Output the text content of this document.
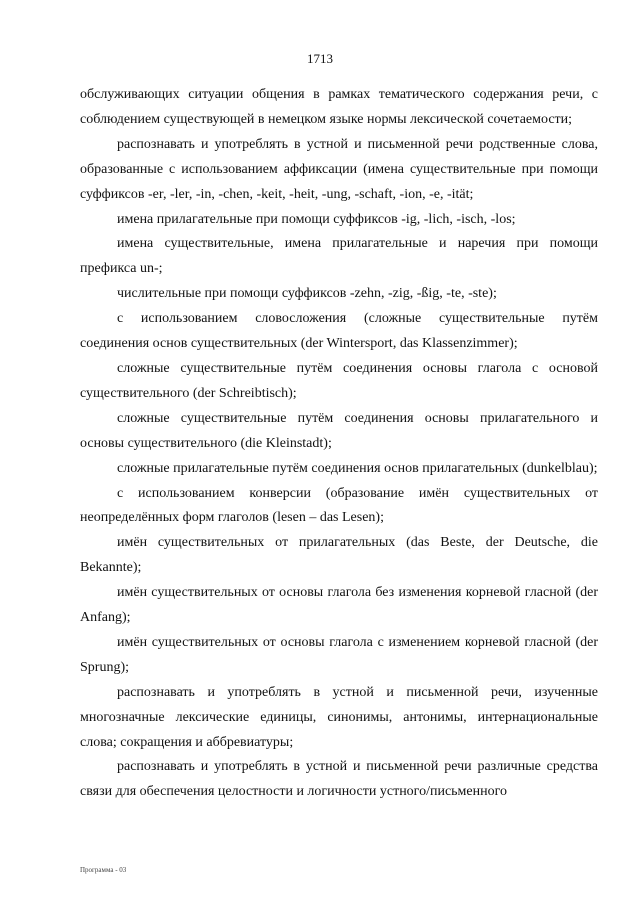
1713

обслуживающих ситуации общения в рамках тематического содержания речи, с соблюдением существующей в немецком языке нормы лексической сочетаемости;

распознавать и употреблять в устной и письменной речи родственные слова, образованные с использованием аффиксации (имена существительные при помощи суффиксов -er, -ler, -in, -chen, -keit, -heit, -ung, -schaft, -ion, -e, -ität;

имена прилагательные при помощи суффиксов -ig, -lich, -isch, -los;

имена существительные, имена прилагательные и наречия при помощи префикса un-;

числительные при помощи суффиксов -zehn, -zig, -ßig, -te, -ste);

с использованием словосложения (сложные существительные путём соединения основ существительных (der Wintersport, das Klassenzimmer);

сложные существительные путём соединения основы глагола с основой существительного (der Schreibtisch);

сложные существительные путём соединения основы прилагательного и основы существительного (die Kleinstadt);

сложные прилагательные путём соединения основ прилагательных (dunkelblau);

с использованием конверсии (образование имён существительных от неопределённых форм глаголов (lesen – das Lesen);

имён существительных от прилагательных (das Beste, der Deutsche, die Bekannte);

имён существительных от основы глагола без изменения корневой гласной (der Anfang);

имён существительных от основы глагола с изменением корневой гласной (der Sprung);

распознавать и употреблять в устной и письменной речи, изученные многозначные лексические единицы, синонимы, антонимы, интернациональные слова; сокращения и аббревиатуры;

распознавать и употреблять в устной и письменной речи различные средства связи для обеспечения целостности и логичности устного/письменного

Программа - 03
